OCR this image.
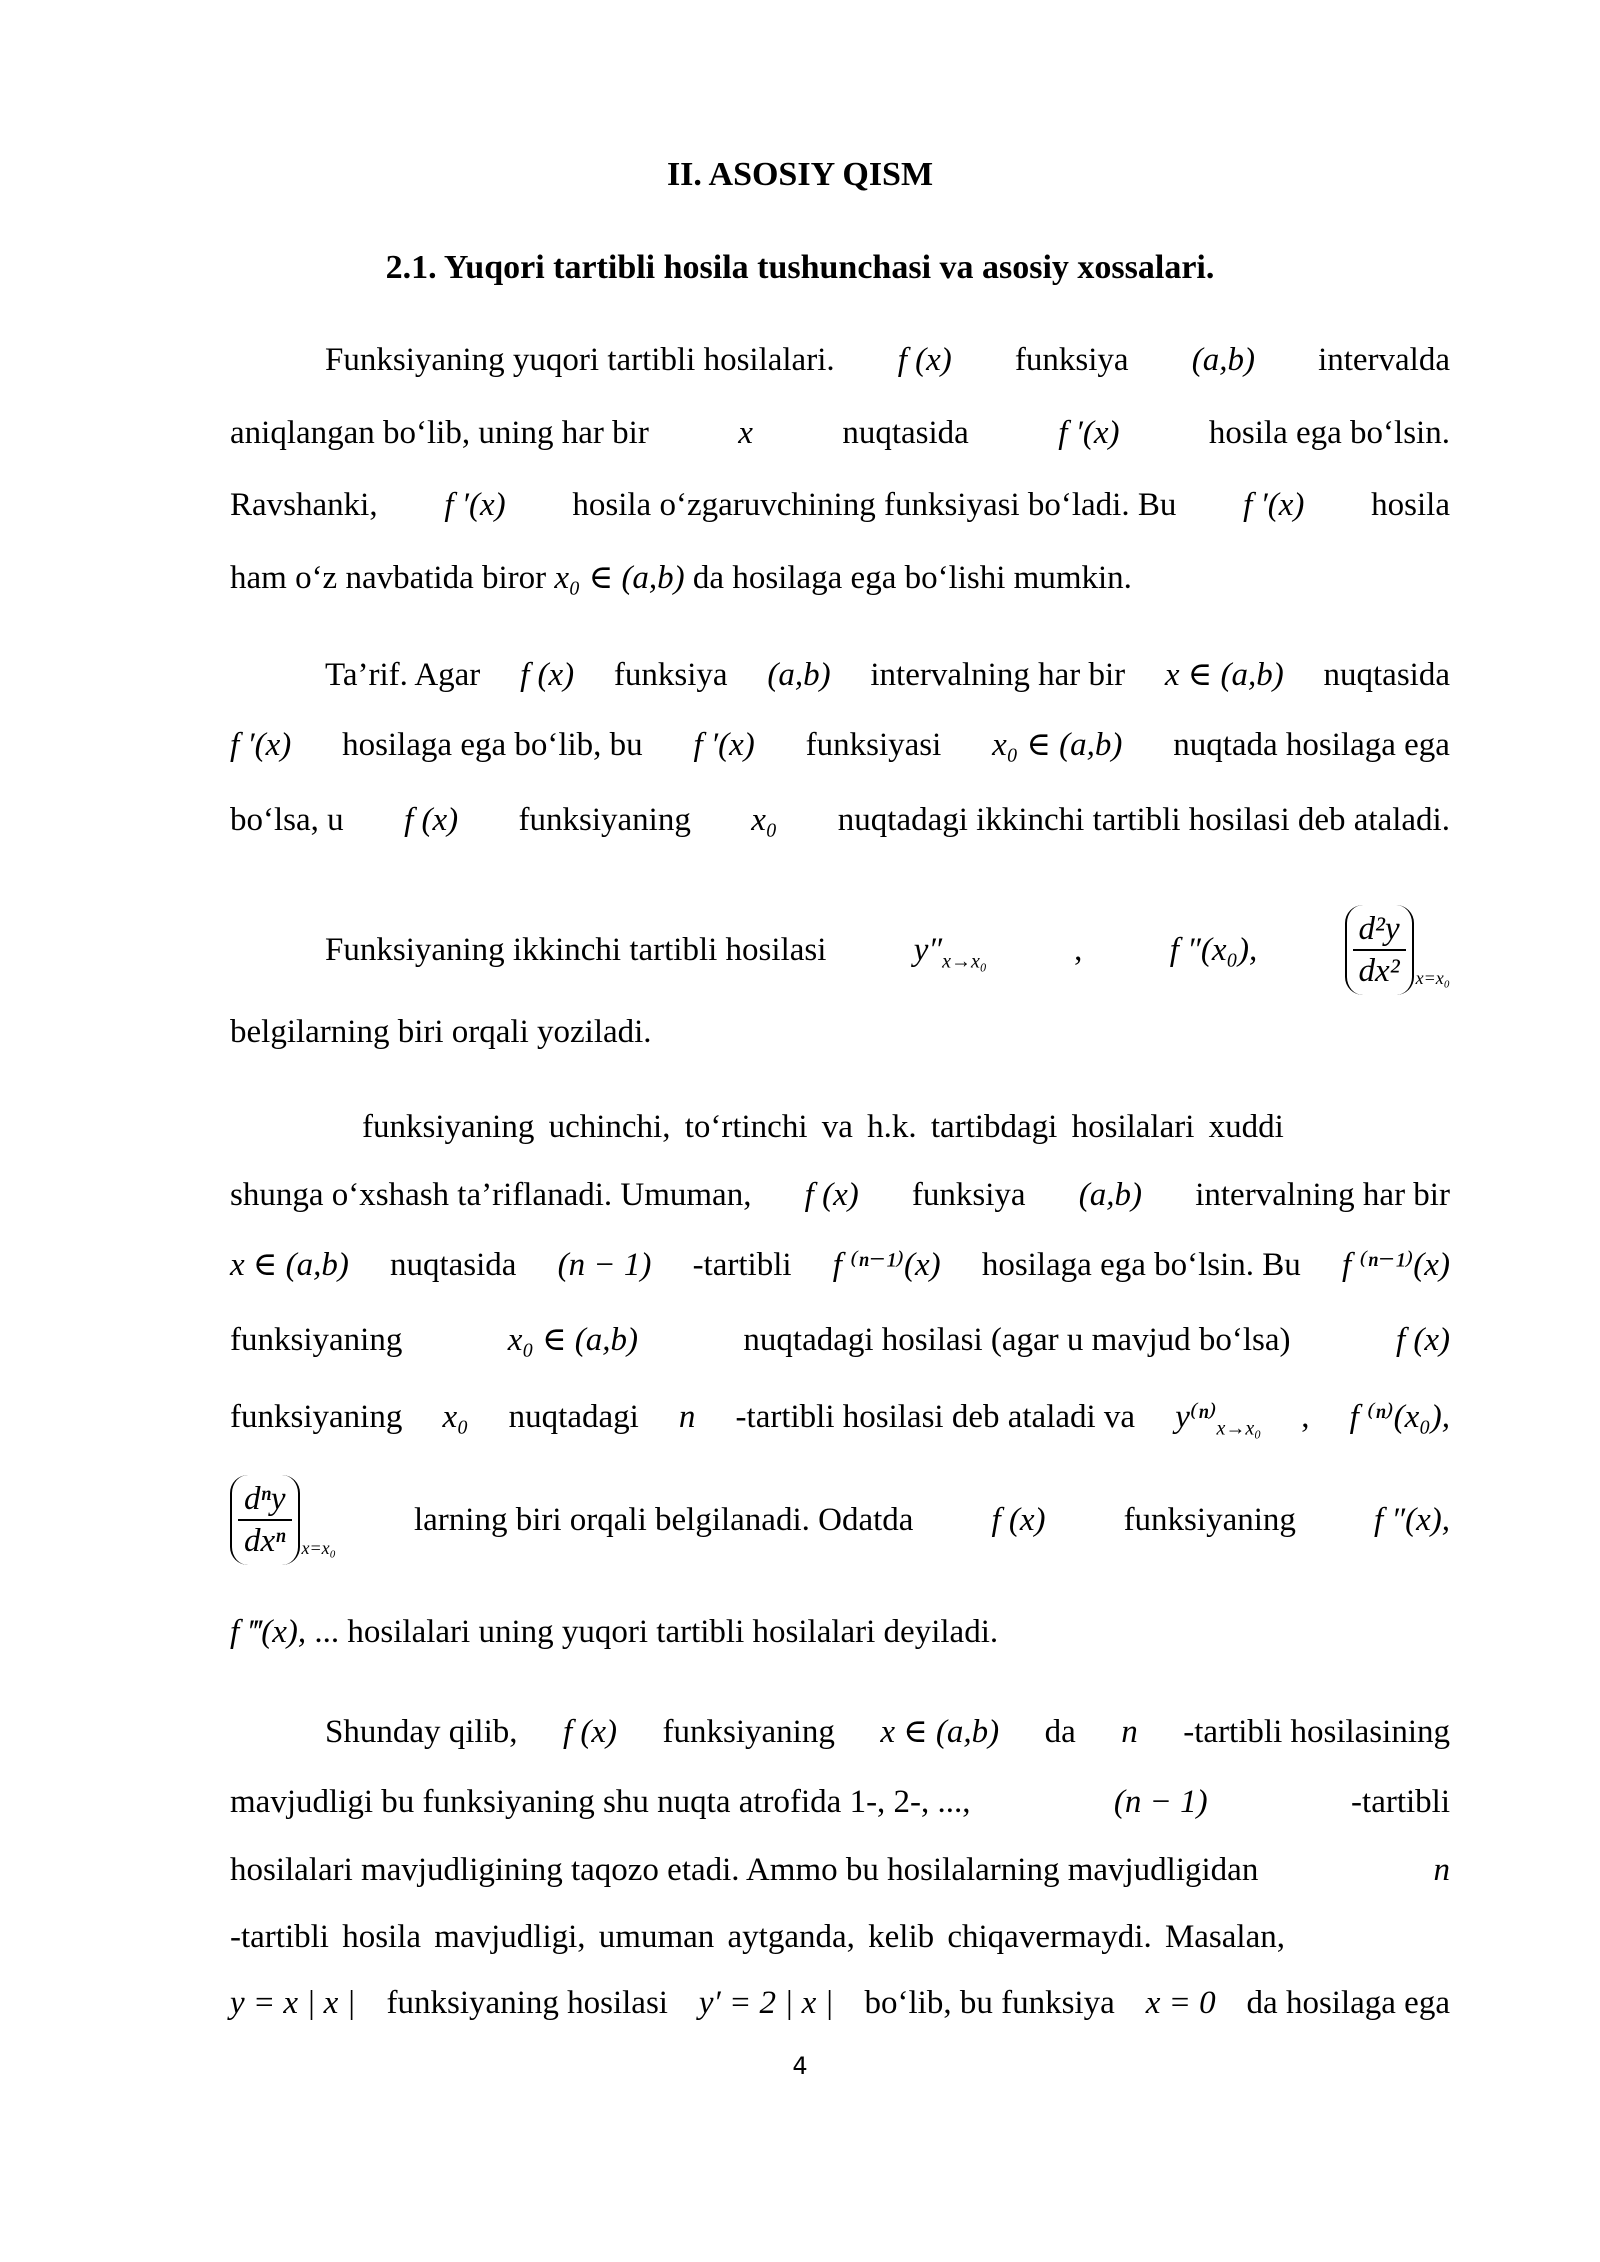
II. ASOSIY QISM
2.1. Yuqori tartibli hosila tushunchasi va asosiy xossalari.
Funksiyaning yuqori tartibli hosilalari. f (x) funksiya (a,b) intervalda
aniqlangan bo‘lib, uning har bir	x	nuqtasida	f ′(x)	hosila ega bo‘lsin.
Ravshanki, f ′(x) hosila o‘zgaruvchining funksiyasi bo‘ladi. Bu f ′(x) hosila
ham o‘z navbatida biror x₀ ∈ (a,b) da hosilaga ega bo‘lishi mumkin.
Ta’rif. Agar f (x) funksiya (a,b) intervalning har bir x ∈ (a,b) nuqtasida
f ′(x) hosilaga ega bo‘lib, bu f ′(x) funksiyasi x₀ ∈ (a,b) nuqtada hosilaga ega
bo‘lsa, u f (x) funksiyaning x₀ nuqtadagi ikkinchi tartibli hosilasi deb ataladi.
Funksiyaning ikkinchi tartibli hosilasi	$y''_{x\to x_0}$	,	f ″(x₀),	$\frac{\text{d²y}}{\text{dx²}} x=x_0$
belgilarning biri orqali yoziladi.
funksiyaning uchinchi, to‘rtinchi va h.k. tartibdagi hosilalari xuddi
shunga o‘xshash ta’riflanadi. Umuman, f (x) funksiya (a,b) intervalning har bir
x ∈ (a,b) nuqtasida (n − 1) -tartibli f ⁽ⁿ⁻¹⁾(x) hosilaga ega bo‘lsin. Bu f ⁽ⁿ⁻¹⁾(x)
funksiyaning	x₀ ∈ (a,b)	nuqtadagi hosilasi (agar u mavjud bo‘lsa)	f (x)
funksiyaning x₀ nuqtadagi n -tartibli hosilasi deb ataladi va $y^{(n)}_{x\to x_0}$ , f ⁽ⁿ⁾(x₀),
$\frac{\text{dⁿy}}{\text{dxⁿ}} x=x_0$
larning biri orqali belgilanadi. Odatda f (x) funksiyaning f ″(x),
f ‴(x), ... hosilalari uning yuqori tartibli hosilalari deyiladi.
Shunday qilib, f (x) funksiyaning x ∈ (a,b) da n -tartibli hosilasining
mavjudligi bu funksiyaning shu nuqta atrofida 1-, 2-, ...,	(n − 1)	-tartibli
hosilalari mavjudligining taqozo etadi. Ammo bu hosilalarning mavjudligidan	n
-tartibli hosila mavjudligi, umuman aytganda, kelib chiqavermaydi. Masalan,
y = x | x | funksiyaning hosilasi y′ = 2 | x | bo‘lib, bu funksiya x = 0 da hosilaga ega
4
